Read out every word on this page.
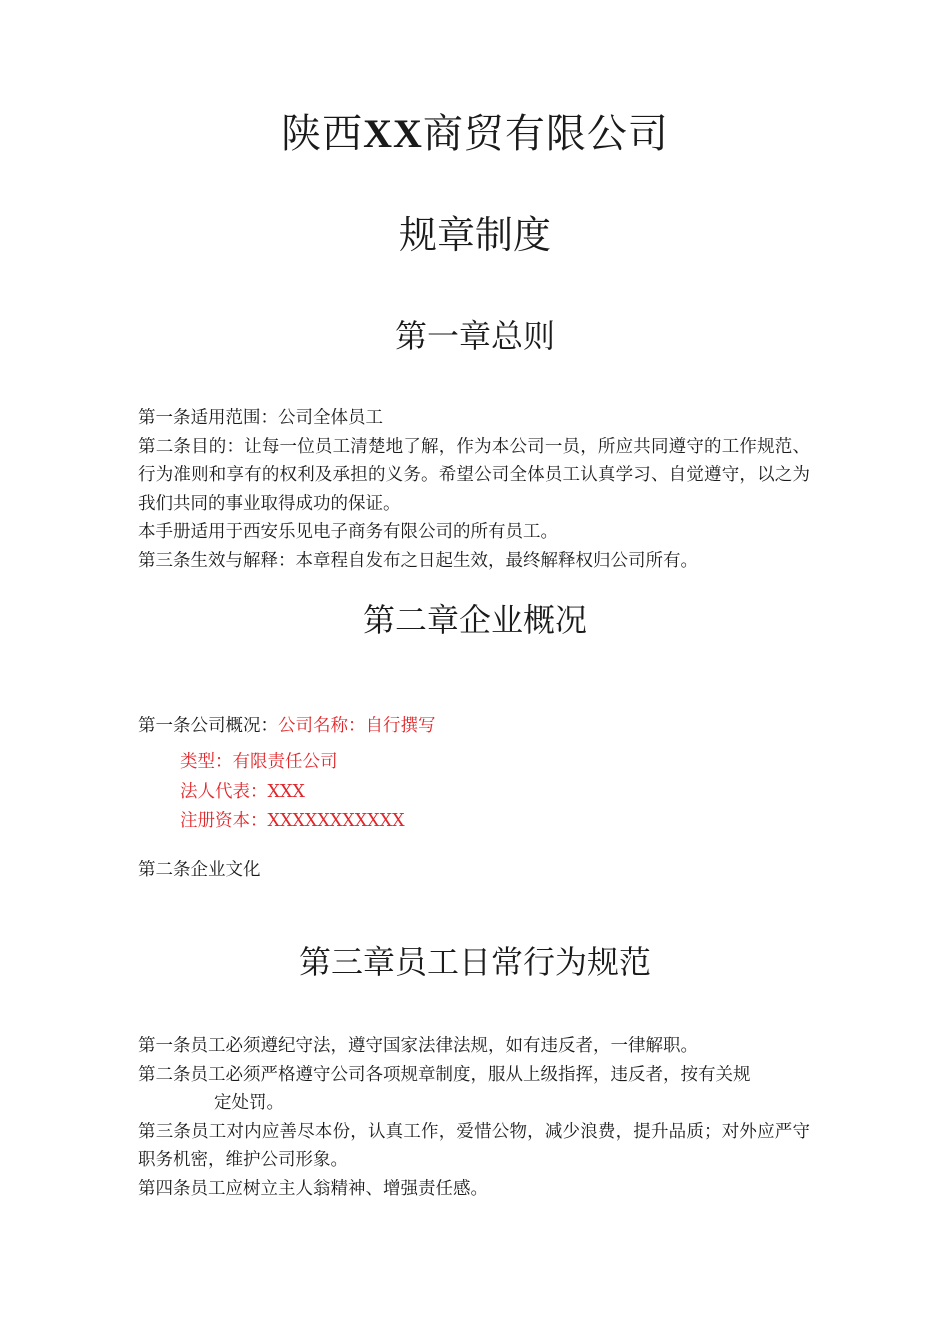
陕西XX商贸有限公司
规章制度
第一章总则

第一条适用范围：公司全体员工

第二条目的：让每一位员工清楚地了解，作为本公司一员，所应共同遵守的工作规范、行为准则和享有的权利及承担的义务。希望公司全体员工认真学习、自觉遵守，以之为我们共同的事业取得成功的保证。

本手册适用于西安乐见电子商务有限公司的所有员工。

第三条生效与解释：本章程自发布之日起生效，最终解释权归公司所有。

第二章企业概况

第一条公司概况：公司名称：自行撰写

类型：有限责任公司

法人代表：XXX

注册资本：XXXXXXXXXXX

第二条企业文化

第三章员工日常行为规范

第一条员工必须遵纪守法，遵守国家法律法规，如有违反者，一律解职。

第二条员工必须严格遵守公司各项规章制度，服从上级指挥，违反者，按有关规

定处罚。

第三条员工对内应善尽本份，认真工作，爱惜公物，减少浪费，提升品质；对外应严守职务机密，维护公司形象。

第四条员工应树立主人翁精神、增强责任感。
